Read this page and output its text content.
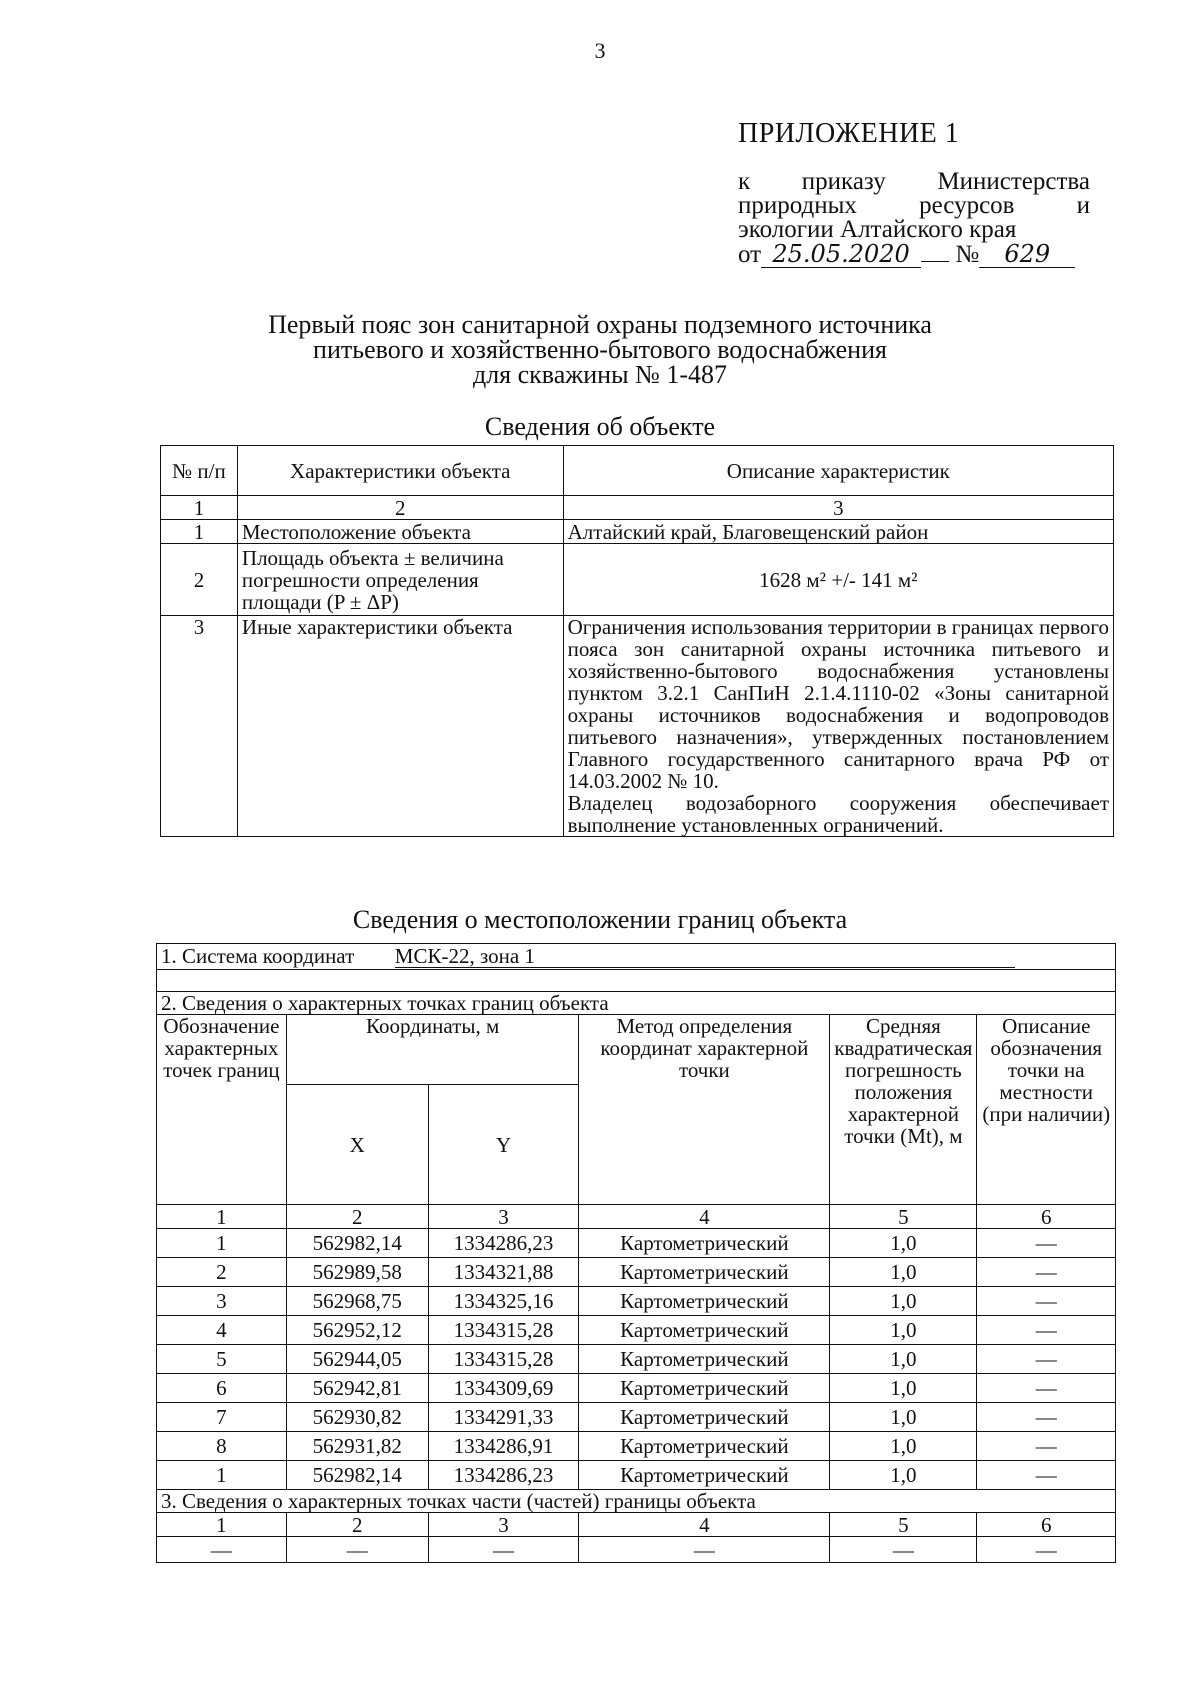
3
ПРИЛОЖЕНИЕ 1
к приказу Министерства
природных ресурсов и
экологии Алтайского края
от 25.05.2020 № 629
Первый пояс зон санитарной охраны подземного источника
питьевого и хозяйственно-бытового водоснабжения
для скважины № 1-487
Сведения об объекте
№ п/п	Характеристики объекта	Описание характеристик
1	2	3
1	Местоположение объекта	Алтайский край, Благовещенский район
2	Площадь объекта ± величина погрешности определения площади (P ± ΔP)	1628 м² +/- 141 м²
3	Иные характеристики объекта	Ограничения использования территории в границах первого пояса зон санитарной охраны источника питьевого и хозяйственно-бытового водоснабжения установлены пунктом 3.2.1 СанПиН 2.1.4.1110-02 «Зоны санитарной охраны источников водоснабжения и водопроводов питьевого назначения», утвержденных постановлением Главного государственного санитарного врача РФ от 14.03.2002 № 10.
Владелец водозаборного сооружения обеспечивает выполнение установленных ограничений.
Сведения о местоположении границ объекта
1. Система координат МСК-22, зона 1					

2. Сведения о характерных точках границ объекта					
Обозначение характерных точек границ	Координаты, м		Метод определения координат характерной точки	Средняя квадратическая погрешность положения характерной точки (Mt), м	Описание обозначения точки на местности (при наличии)
	X	Y			
1	2	3	4	5	6
1	562982,14	1334286,23	Картометрический	1,0	—
2	562989,58	1334321,88	Картометрический	1,0	—
3	562968,75	1334325,16	Картометрический	1,0	—
4	562952,12	1334315,28	Картометрический	1,0	—
5	562944,05	1334315,28	Картометрический	1,0	—
6	562942,81	1334309,69	Картометрический	1,0	—
7	562930,82	1334291,33	Картометрический	1,0	—
8	562931,82	1334286,91	Картометрический	1,0	—
1	562982,14	1334286,23	Картометрический	1,0	—
3. Сведения о характерных точках части (частей) границы объекта					
1	2	3	4	5	6
—	—	—	—	—	—
